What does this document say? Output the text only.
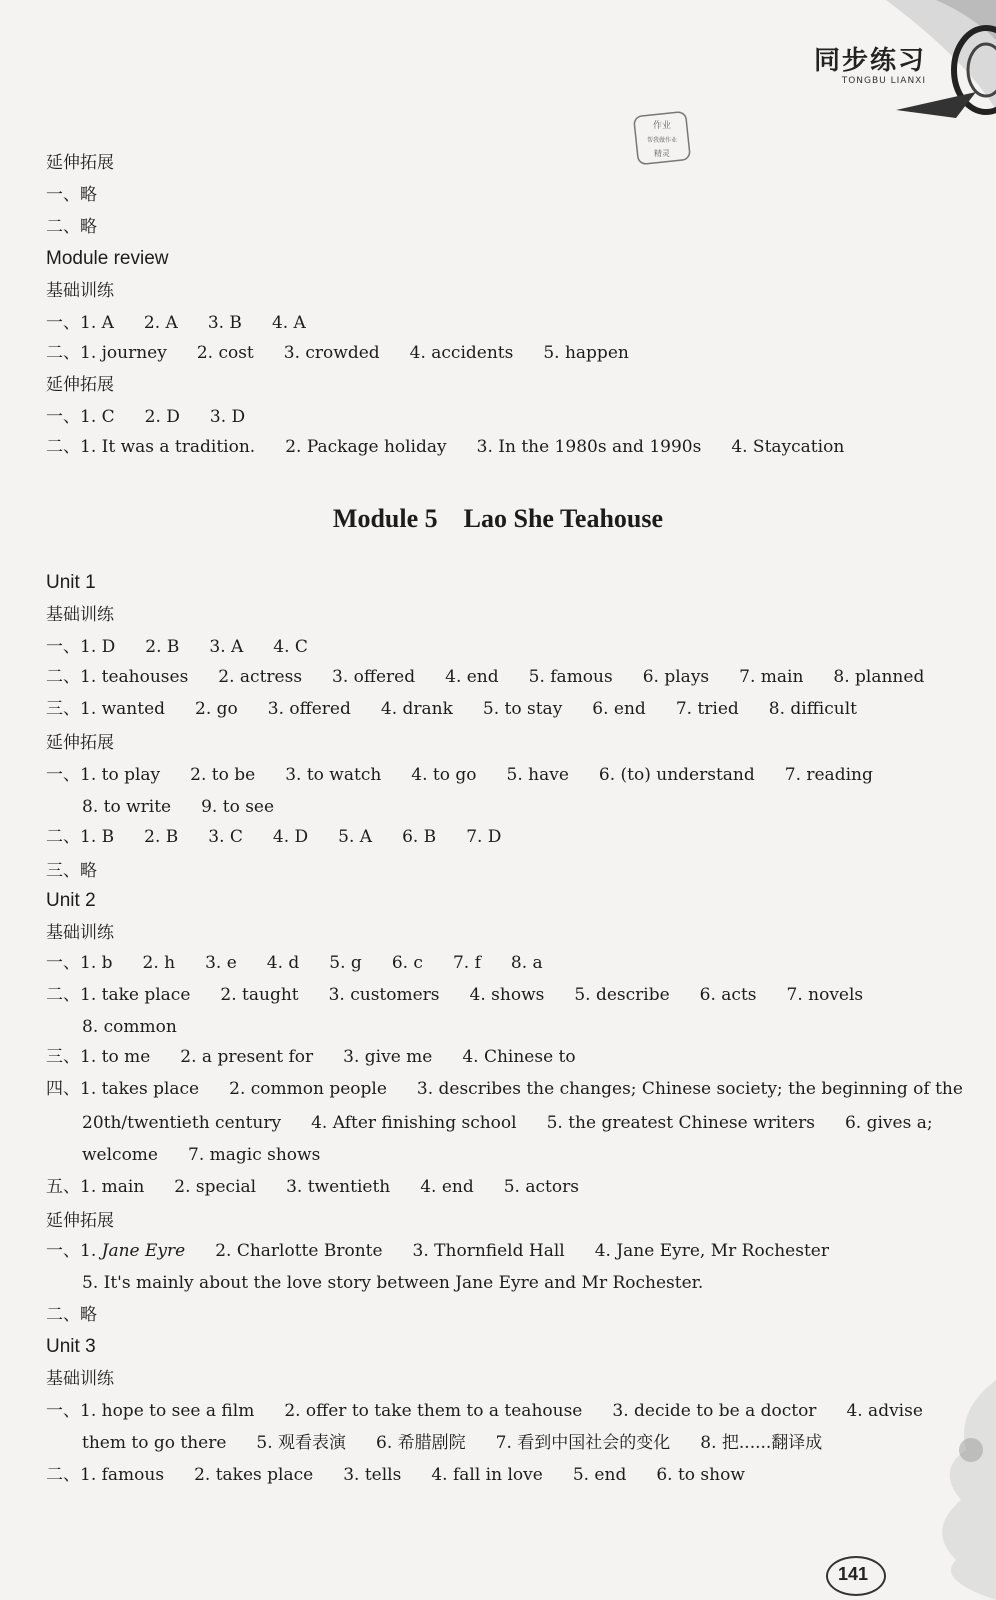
同步练习
TONGBU LIANXI
作业
帮我做作业
精灵
延伸拓展
一、略
二、略
Module review
基础训练
一、1. A 2. A 3. B 4. A
二、1. journey 2. cost 3. crowded 4. accidents 5. happen
延伸拓展
一、1. C 2. D 3. D
二、1. It was a tradition. 2. Package holiday 3. In the 1980s and 1990s 4. Staycation
Unit 1
基础训练
一、1. D 2. B 3. A 4. C
二、1. teahouses 2. actress 3. offered 4. end 5. famous 6. plays 7. main 8. planned
三、1. wanted 2. go 3. offered 4. drank 5. to stay 6. end 7. tried 8. difficult
延伸拓展
一、1. to play 2. to be 3. to watch 4. to go 5. have 6. (to) understand 7. reading
8. to write 9. to see
二、1. B 2. B 3. C 4. D 5. A 6. B 7. D
三、略
Unit 2
基础训练
一、1. b 2. h 3. e 4. d 5. g 6. c 7. f 8. a
二、1. take place 2. taught 3. customers 4. shows 5. describe 6. acts 7. novels
8. common
三、1. to me 2. a present for 3. give me 4. Chinese to
四、1. takes place 2. common people 3. describes the changes; Chinese society; the beginning of the
20th/twentieth century 4. After finishing school 5. the greatest Chinese writers 6. gives a;
welcome 7. magic shows
五、1. main 2. special 3. twentieth 4. end 5. actors
延伸拓展
一、1. Jane Eyre 2. Charlotte Bronte 3. Thornfield Hall 4. Jane Eyre, Mr Rochester
5. It's mainly about the love story between Jane Eyre and Mr Rochester.
二、略
Unit 3
基础训练
一、1. hope to see a film 2. offer to take them to a teahouse 3. decide to be a doctor 4. advise
them to go there 5. 观看表演 6. 希腊剧院 7. 看到中国社会的变化 8. 把......翻译成
二、1. famous 2. takes place 3. tells 4. fall in love 5. end 6. to show
Module 5　Lao She Teahouse
141
